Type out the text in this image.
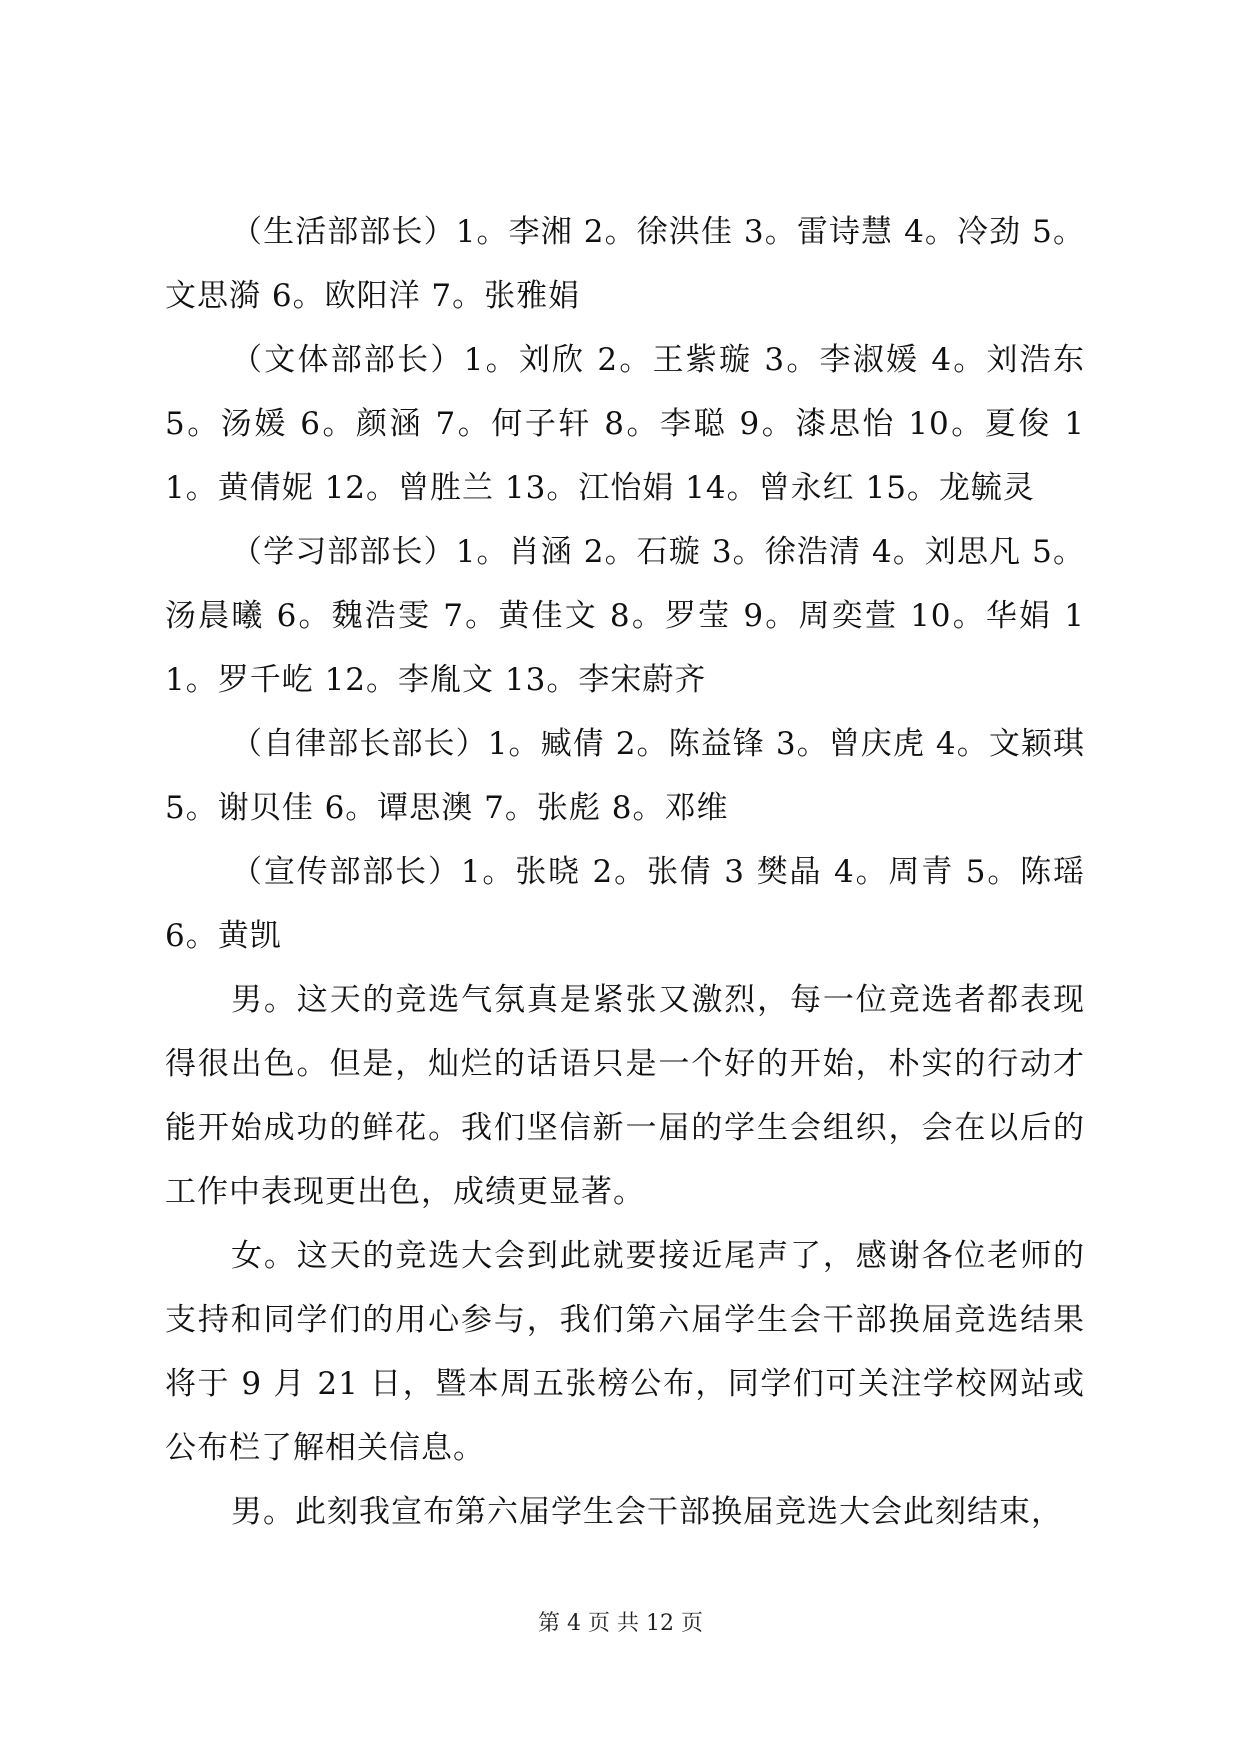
（生活部部长）1。李湘 2。徐洪佳 3。雷诗慧 4。冷劲 5。文思漪 6。欧阳洋 7。张雅娟

（文体部部长）1。刘欣 2。王紫璇 3。李淑媛 4。刘浩东 5。汤媛 6。颜涵 7。何子轩 8。李聪 9。漆思怡 10。夏俊 11。黄倩妮 12。曾胜兰 13。江怡娟 14。曾永红 15。龙毓灵

（学习部部长）1。肖涵 2。石璇 3。徐浩清 4。刘思凡 5。汤晨曦 6。魏浩雯 7。黄佳文 8。罗莹 9。周奕萱 10。华娟 11。罗千屹 12。李胤文 13。李宋蔚齐

（自律部长部长）1。臧倩 2。陈益锋 3。曾庆虎 4。文颖琪 5。谢贝佳 6。谭思澳 7。张彪 8。邓维

（宣传部部长）1。张晓 2。张倩 3 樊晶 4。周青 5。陈瑶 6。黄凯

男。这天的竞选气氛真是紧张又激烈，每一位竞选者都表现得很出色。但是，灿烂的话语只是一个好的开始，朴实的行动才能开始成功的鲜花。我们坚信新一届的学生会组织，会在以后的工作中表现更出色，成绩更显著。

女。这天的竞选大会到此就要接近尾声了，感谢各位老师的支持和同学们的用心参与，我们第六届学生会干部换届竞选结果将于 9 月 21 日，暨本周五张榜公布，同学们可关注学校网站或公布栏了解相关信息。

男。此刻我宣布第六届学生会干部换届竞选大会此刻结束，

第 4 页 共 12 页
